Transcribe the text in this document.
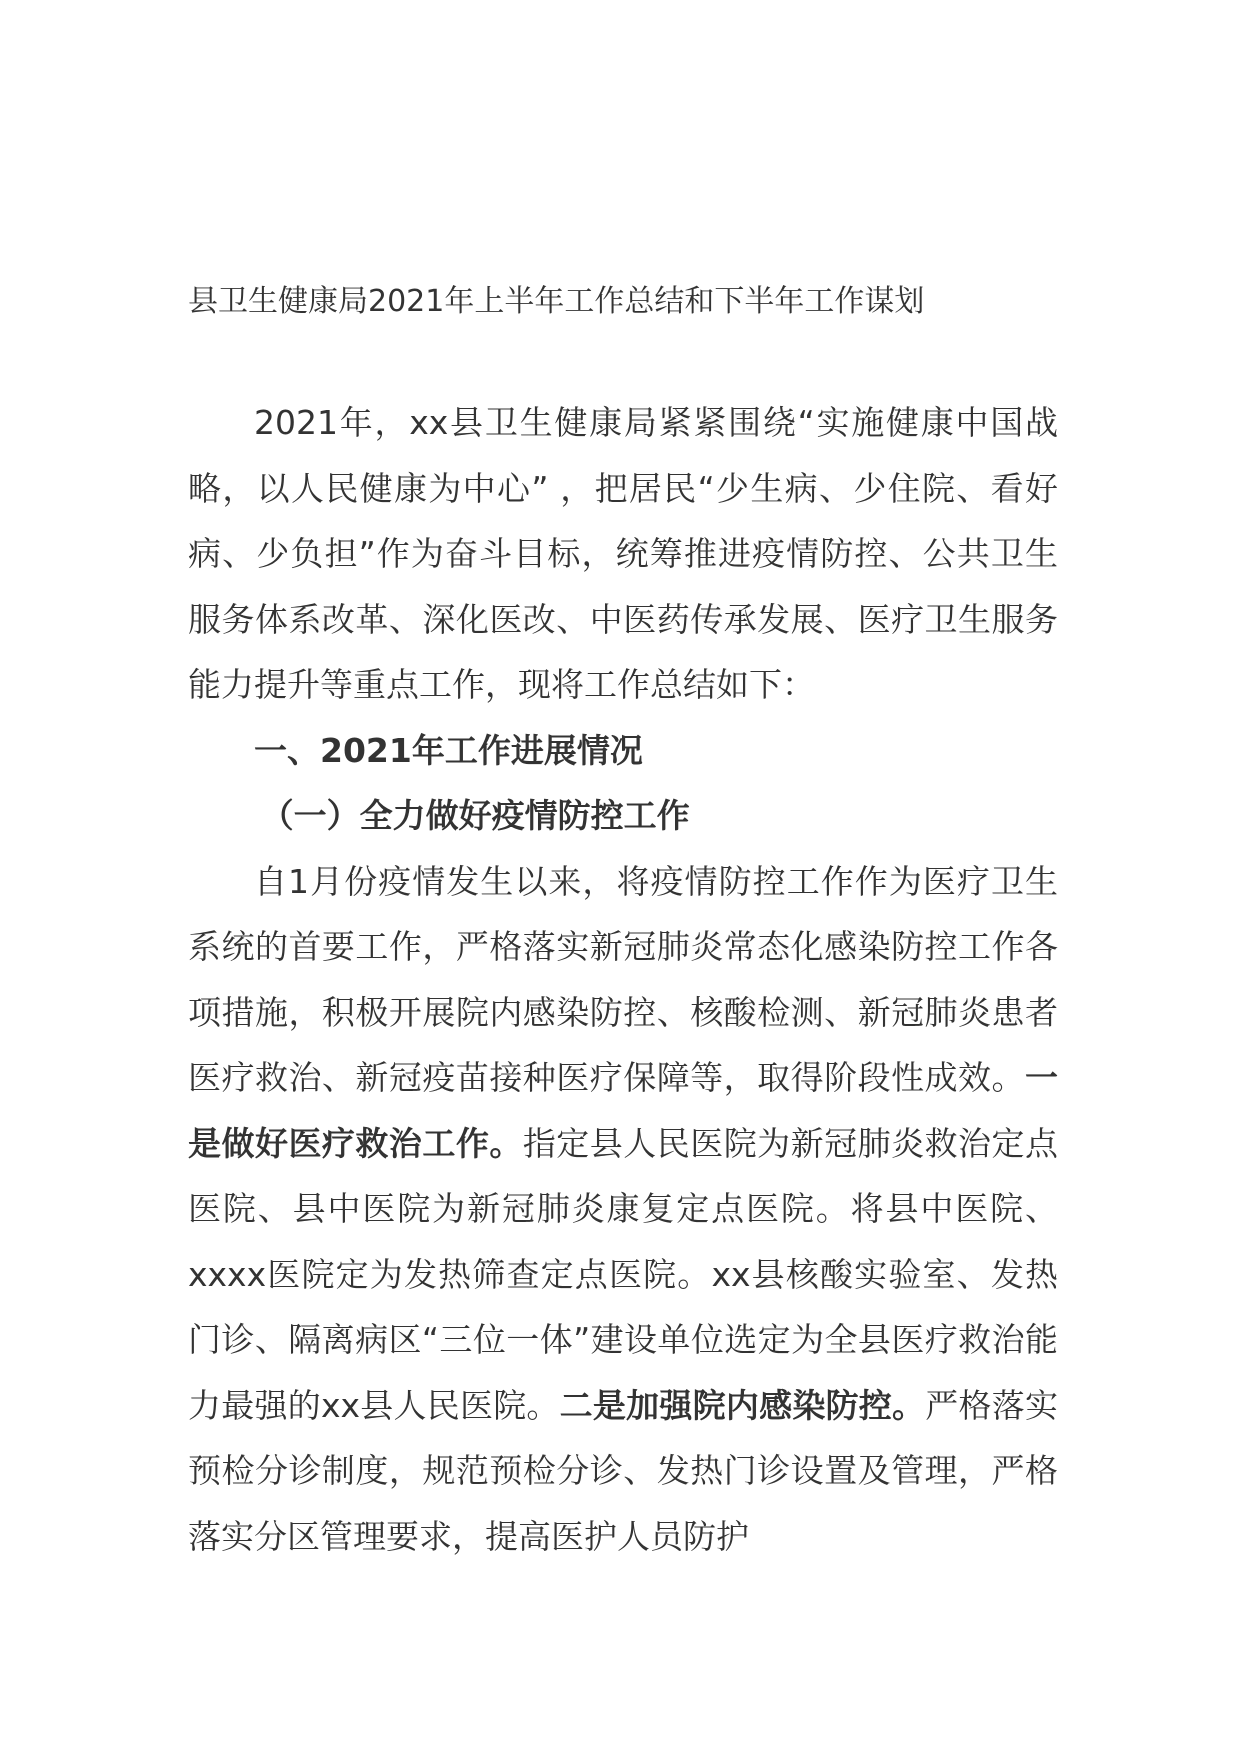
县卫生健康局2021年上半年工作总结和下半年工作谋划

2021年，xx县卫生健康局紧紧围绕“实施健康中国战略，以人民健康为中心” ，把居民“少生病、少住院、看好病、少负担”作为奋斗目标，统筹推进疫情防控、公共卫生服务体系改革、深化医改、中医药传承发展、医疗卫生服务能力提升等重点工作，现将工作总结如下：

一、2021年工作进展情况

（一）全力做好疫情防控工作

自1月份疫情发生以来，将疫情防控工作作为医疗卫生系统的首要工作，严格落实新冠肺炎常态化感染防控工作各项措施，积极开展院内感染防控、核酸检测、新冠肺炎患者医疗救治、新冠疫苗接种医疗保障等，取得阶段性成效。一是做好医疗救治工作。指定县人民医院为新冠肺炎救治定点医院、县中医院为新冠肺炎康复定点医院。将县中医院、xxxx医院定为发热筛查定点医院。xx县核酸实验室、发热门诊、隔离病区“三位一体”建设单位选定为全县医疗救治能力最强的xx县人民医院。二是加强院内感染防控。严格落实预检分诊制度，规范预检分诊、发热门诊设置及管理，严格落实分区管理要求，提高医护人员防护
